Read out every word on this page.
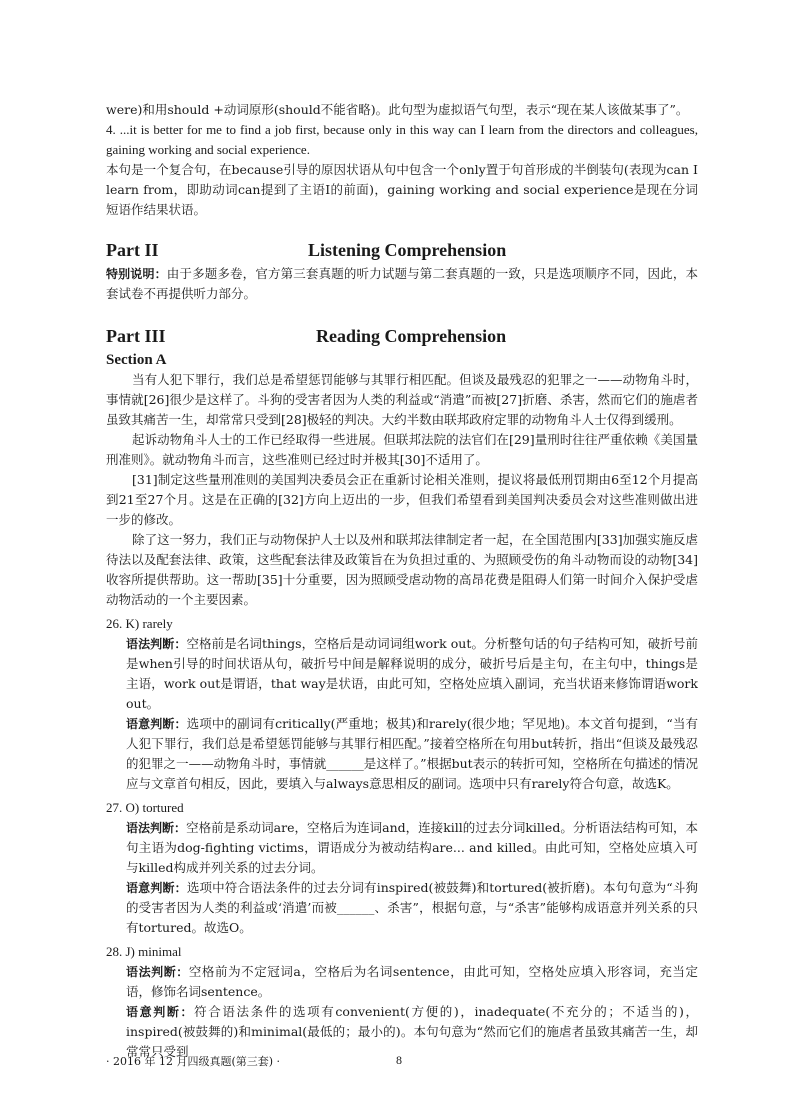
were)和用should +动词原形(should不能省略)。此句型为虚拟语气句型，表示“现在某人该做某事了”。

4. ...it is better for me to find a job first, because only in this way can I learn from the directors and colleagues, gaining working and social experience.

本句是一个复合句，在because引导的原因状语从句中包含一个only置于句首形成的半倒装句(表现为can I learn from，即助动词can提到了主语I的前面)，gaining working and social experience是现在分词短语作结果状语。

Part II	Listening Comprehension

特别说明：由于多题多卷，官方第三套真题的听力试题与第二套真题的一致，只是选项顺序不同，因此，本套试卷不再提供听力部分。

Part III	Reading Comprehension

Section A

当有人犯下罪行，我们总是希望惩罚能够与其罪行相匹配。但谈及最残忍的犯罪之一——动物角斗时，事情就[26]很少是这样了。斗狗的受害者因为人类的利益或“消遣”而被[27]折磨、杀害，然而它们的施虐者虽致其痛苦一生，却常常只受到[28]极轻的判决。大约半数由联邦政府定罪的动物角斗人士仅得到缓刑。

起诉动物角斗人士的工作已经取得一些进展。但联邦法院的法官们在[29]量刑时往往严重依赖《美国量刑准则》。就动物角斗而言，这些准则已经过时并极其[30]不适用了。

[31]制定这些量刑准则的美国判决委员会正在重新讨论相关准则，提议将最低刑罚期由6至12个月提高到21至27个月。这是在正确的[32]方向上迈出的一步，但我们希望看到美国判决委员会对这些准则做出进一步的修改。

除了这一努力，我们正与动物保护人士以及州和联邦法律制定者一起，在全国范围内[33]加强实施反虐待法以及配套法律、政策，这些配套法律及政策旨在为负担过重的、为照顾受伤的角斗动物而设的动物[34]收容所提供帮助。这一帮助[35]十分重要，因为照顾受虐动物的高昂花费是阻碍人们第一时间介入保护受虐动物活动的一个主要因素。

26. K) rarely

语法判断：空格前是名词things，空格后是动词词组work out。分析整句话的句子结构可知，破折号前是when引导的时间状语从句，破折号中间是解释说明的成分，破折号后是主句，在主句中，things是主语，work out是谓语，that way是状语，由此可知，空格处应填入副词，充当状语来修饰谓语work out。

语意判断：选项中的副词有critically(严重地；极其)和rarely(很少地；罕见地)。本文首句提到，“当有人犯下罪行，我们总是希望惩罚能够与其罪行相匹配。”接着空格所在句用but转折，指出“但谈及最残忍的犯罪之一——动物角斗时，事情就______是这样了。”根据but表示的转折可知，空格所在句描述的情况应与文章首句相反，因此，要填入与always意思相反的副词。选项中只有rarely符合句意，故选K。

27. O) tortured

语法判断：空格前是系动词are，空格后为连词and，连接kill的过去分词killed。分析语法结构可知，本句主语为dog-fighting victims，谓语成分为被动结构are... and killed。由此可知，空格处应填入可与killed构成并列关系的过去分词。

语意判断：选项中符合语法条件的过去分词有inspired(被鼓舞)和tortured(被折磨)。本句句意为“斗狗的受害者因为人类的利益或‘消遣’而被______、杀害”，根据句意，与“杀害”能够构成语意并列关系的只有tortured。故选O。

28. J) minimal

语法判断：空格前为不定冠词a，空格后为名词sentence，由此可知，空格处应填入形容词，充当定语，修饰名词sentence。

语意判断：符合语法条件的选项有convenient(方便的)，inadequate(不充分的；不适当的)，inspired(被鼓舞的)和minimal(最低的；最小的)。本句句意为“然而它们的施虐者虽致其痛苦一生，却常常只受到

· 2016 年 12 月四级真题(第三套) ·	8
